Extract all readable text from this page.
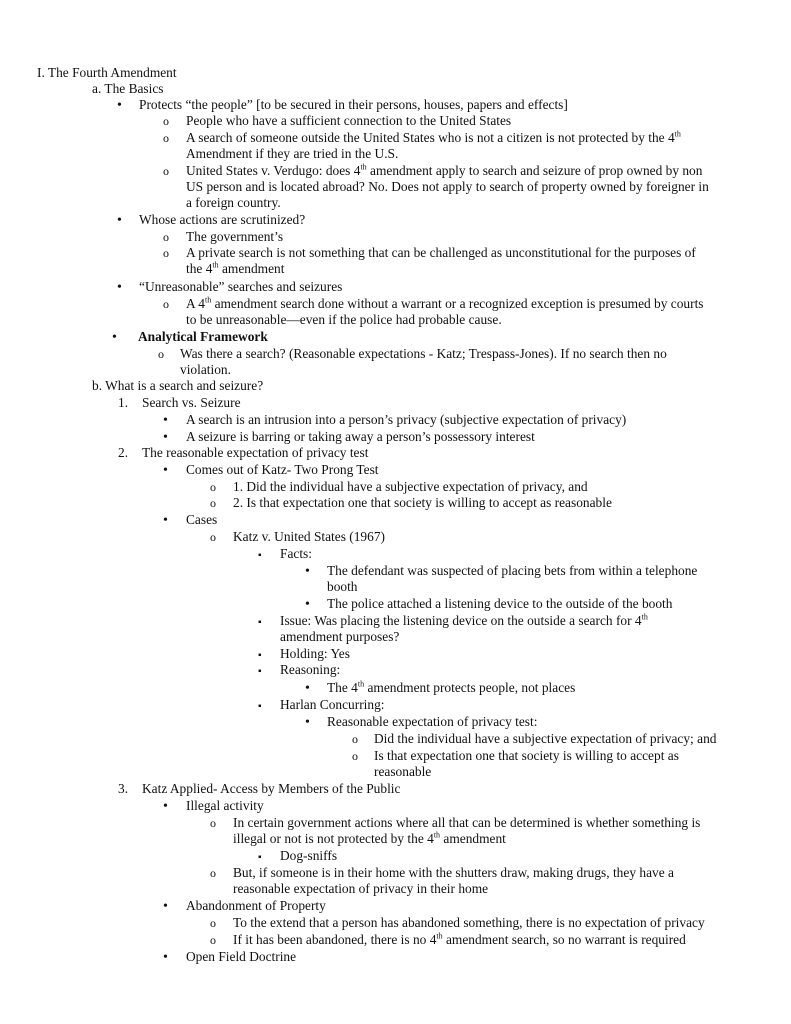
I. The Fourth Amendment
a. The Basics
•
Protects “the people” [to be secured in their persons, houses, papers and effects]
o
People who have a sufficient connection to the United States
o
A search of someone outside the United States who is not a citizen is not protected by the 4th
Amendment if they are tried in the U.S.
o
United States v. Verdugo: does 4th amendment apply to search and seizure of prop owned by non
US person and is located abroad? No. Does not apply to search of property owned by foreigner in
a foreign country.
•
Whose actions are scrutinized?
o
The government’s
o
A private search is not something that can be challenged as unconstitutional for the purposes of
the 4th amendment
•
“Unreasonable” searches and seizures
o
A 4th amendment search done without a warrant or a recognized exception is presumed by courts
to be unreasonable—even if the police had probable cause.
•
Analytical Framework
o
Was there a search? (Reasonable expectations - Katz; Trespass-Jones). If no search then no
violation.
b. What is a search and seizure?
1. Search vs. Seizure
•
A search is an intrusion into a person’s privacy (subjective expectation of privacy)
•
A seizure is barring or taking away a person’s possessory interest
2. The reasonable expectation of privacy test
•
Comes out of Katz- Two Prong Test
o
1. Did the individual have a subjective expectation of privacy, and
o
2. Is that expectation one that society is willing to accept as reasonable
•
Cases
o
Katz v. United States (1967)
▪
Facts:
•
The defendant was suspected of placing bets from within a telephone
booth
•
The police attached a listening device to the outside of the booth
▪
Issue: Was placing the listening device on the outside a search for 4th
amendment purposes?
▪
Holding: Yes
▪
Reasoning:
•
The 4th amendment protects people, not places
▪
Harlan Concurring:
•
Reasonable expectation of privacy test:
o
Did the individual have a subjective expectation of privacy; and
o
Is that expectation one that society is willing to accept as
reasonable
3. Katz Applied- Access by Members of the Public
•
Illegal activity
o
In certain government actions where all that can be determined is whether something is
illegal or not is not protected by the 4th amendment
▪
Dog-sniffs
o
But, if someone is in their home with the shutters draw, making drugs, they have a
reasonable expectation of privacy in their home
•
Abandonment of Property
o
To the extend that a person has abandoned something, there is no expectation of privacy
o
If it has been abandoned, there is no 4th amendment search, so no warrant is required
•
Open Field Doctrine
